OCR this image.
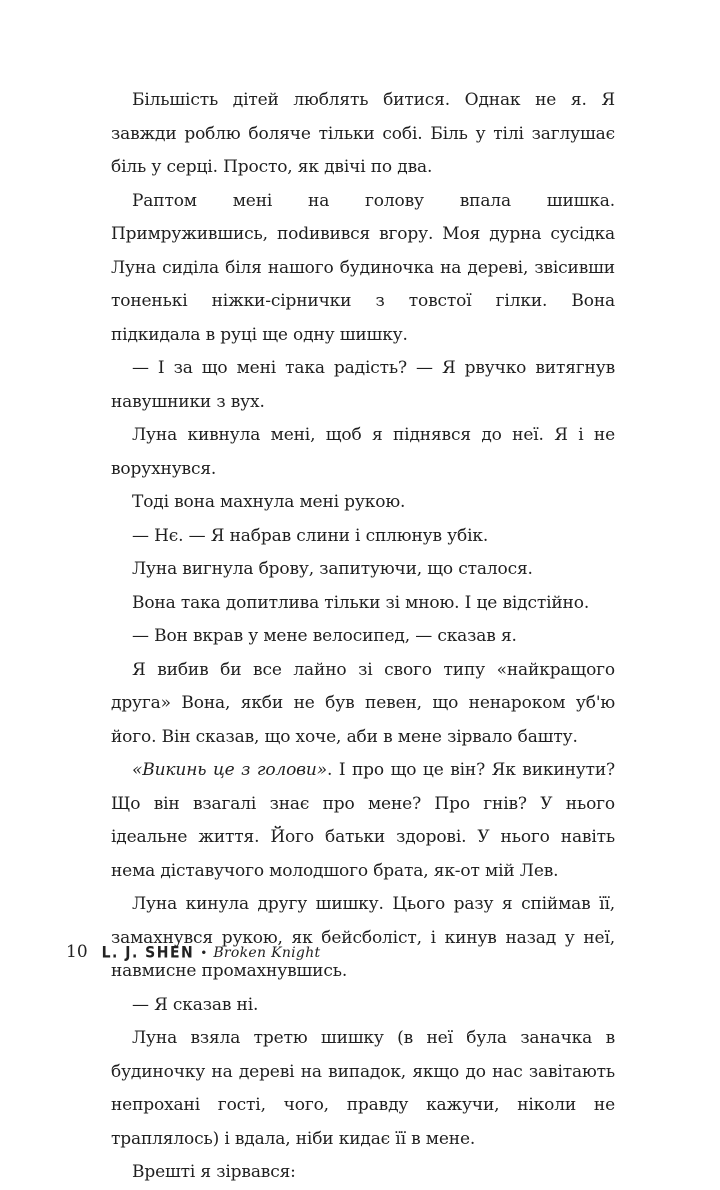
Більшість дітей люблять битися. Однак не я. Я завжди роблю боляче тільки собі. Біль у тілі заглушає біль у серці. Просто, як двічі по два.

Раптом мені на голову впала шишка. Примружившись, поdивився вгору. Моя дурна сусідка Луна сиділа біля нашого будиночка на дереві, звісивши тоненькі ніжки-сірнички з товстої гілки. Вона підкидала в руці ще одну шишку.

— І за що мені така радість? — Я рвучко витягнув навушники з вух.

Луна кивнула мені, щоб я піднявся до неї. Я і не ворухнувся.

Тоді вона махнула мені рукою.

— Нє. — Я набрав слини і сплюнув убік.

Луна вигнула брову, запитуючи, що сталося.

Вона така допитлива тільки зі мною. І це відстійно.

— Вон вкрав у мене велосипед, — сказав я.

Я вибив би все лайно зі свого типу «найкращого друга» Вона, якби не був певен, що ненароком уб'ю його. Він сказав, що хоче, аби в мене зірвало башту.

«Викинь це з голови». І про що це він? Як викинути? Що він взагалі знає про мене? Про гнів? У нього ідеальне життя. Його батьки здорові. У нього навіть нема діставучого молодшого брата, як-от мій Лев.

Луна кинула другу шишку. Цього разу я спіймав її, замахнувся рукою, як бейсболіст, і кинув назад у неї, навмисне промахнувшись.

— Я сказав ні.

Луна взяла третю шишку (в неї була заначка в будиночку на дереві на випадок, якщо до нас завітають непрохані гості, чого, правду кажучи, ніколи не траплялось) і вдала, ніби кидає її в мене.

Врешті я зірвався:

10 L. J. SHEN • Broken Knight
